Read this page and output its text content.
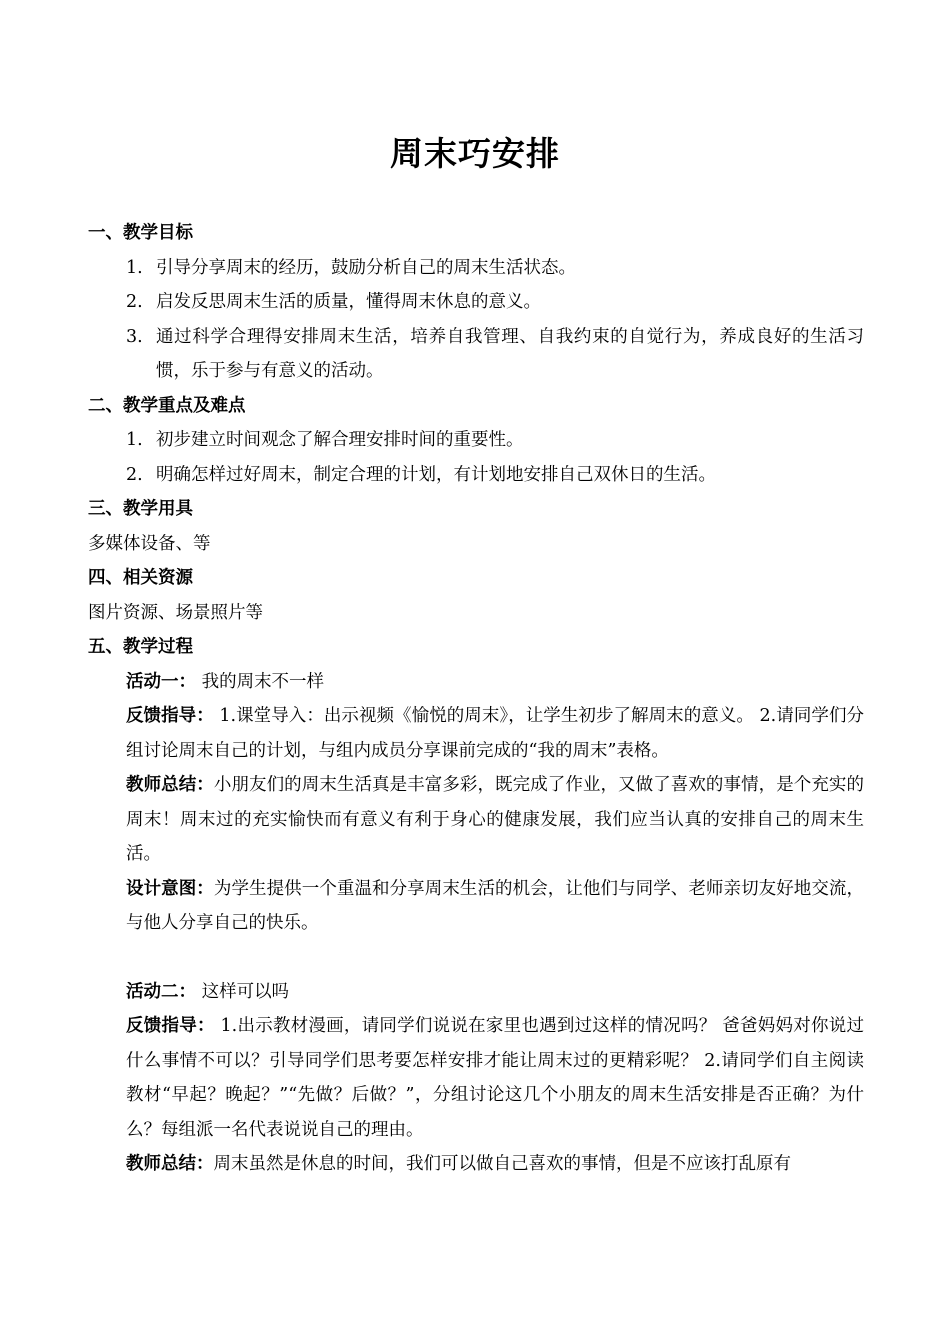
周末巧安排
一、教学目标
1. 引导分享周末的经历，鼓励分析自己的周末生活状态。
2. 启发反思周末生活的质量，懂得周末休息的意义。
3. 通过科学合理得安排周末生活，培养自我管理、自我约束的自觉行为，养成良好的生活习惯，乐于参与有意义的活动。
二、教学重点及难点
1. 初步建立时间观念了解合理安排时间的重要性。
2. 明确怎样过好周末，制定合理的计划，有计划地安排自己双休日的生活。
三、教学用具
多媒体设备、等
四、相关资源
图片资源、场景照片等
五、教学过程
活动一： 我的周末不一样
反馈指导： 1.课堂导入：出示视频《愉悦的周末》，让学生初步了解周末的意义。 2.请同学们分组讨论周末自己的计划，与组内成员分享课前完成的“我的周末”表格。
教师总结：小朋友们的周末生活真是丰富多彩，既完成了作业，又做了喜欢的事情，是个充实的周末！周末过的充实愉快而有意义有利于身心的健康发展，我们应当认真的安排自己的周末生活。
设计意图：为学生提供一个重温和分享周末生活的机会，让他们与同学、老师亲切友好地交流，与他人分享自己的快乐。
活动二： 这样可以吗
反馈指导： 1.出示教材漫画，请同学们说说在家里也遇到过这样的情况吗？ 爸爸妈妈对你说过什么事情不可以？引导同学们思考要怎样安排才能让周末过的更精彩呢？ 2.请同学们自主阅读教材“早起？晚起？”“先做？后做？”，分组讨论这几个小朋友的周末生活安排是否正确？为什么？每组派一名代表说说自己的理由。
教师总结：周末虽然是休息的时间，我们可以做自己喜欢的事情，但是不应该打乱原有
